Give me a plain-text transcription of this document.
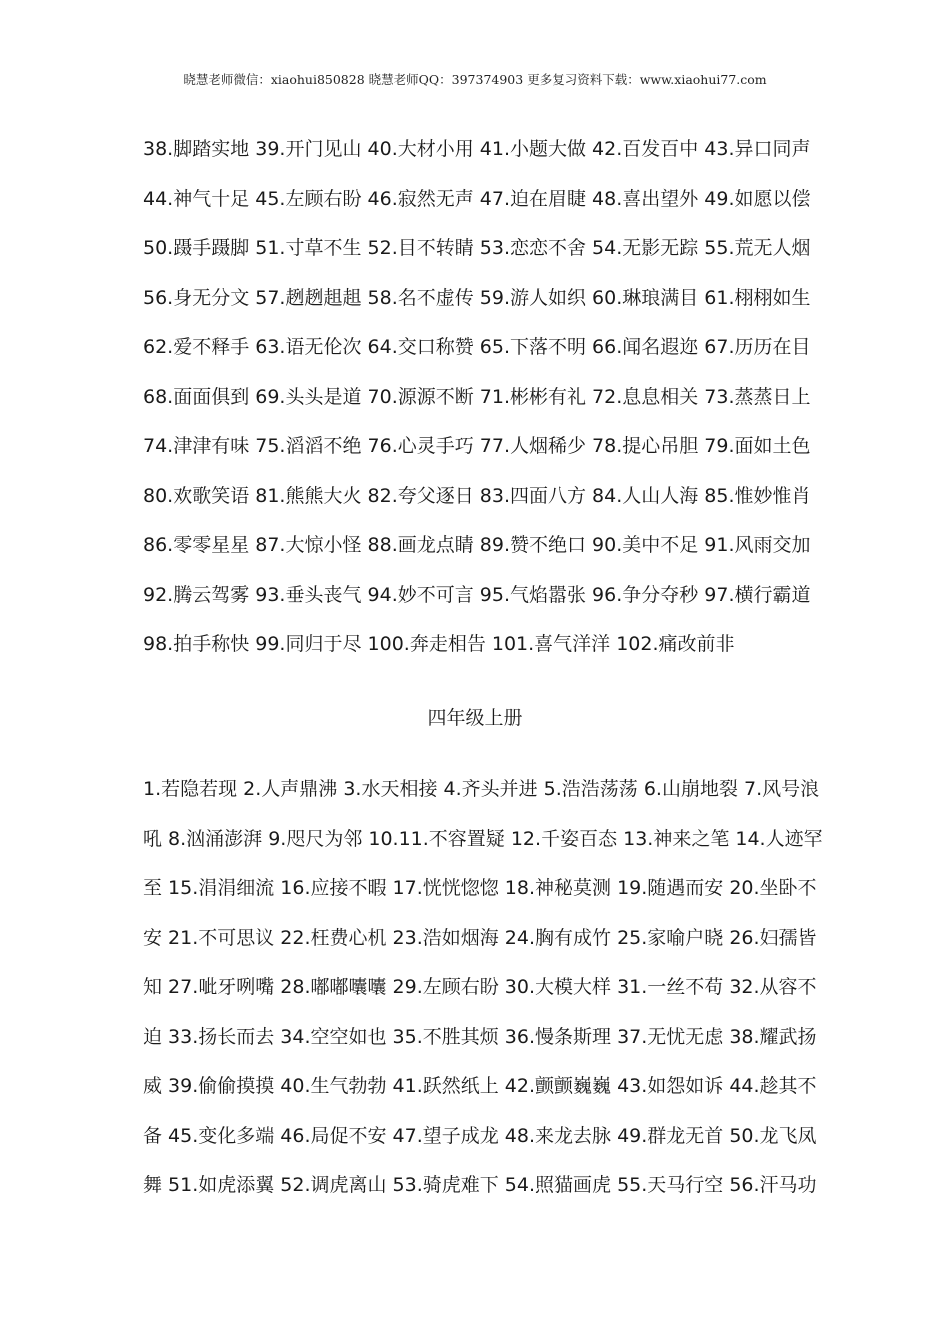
晓慧老师微信：xiaohui850828 晓慧老师QQ：397374903 更多复习资料下载：www.xiaohui77.com
38.脚踏实地 39.开门见山 40.大材小用 41.小题大做 42.百发百中 43.异口同声
44.神气十足 45.左顾右盼 46.寂然无声 47.迫在眉睫 48.喜出望外 49.如愿以偿
50.蹑手蹑脚 51.寸草不生 52.目不转睛 53.恋恋不舍 54.无影无踪 55.荒无人烟
56.身无分文 57.趔趔趄趄 58.名不虚传 59.游人如织 60.琳琅满目 61.栩栩如生
62.爱不释手 63.语无伦次 64.交口称赞 65.下落不明 66.闻名遐迩 67.历历在目
68.面面俱到 69.头头是道 70.源源不断 71.彬彬有礼 72.息息相关 73.蒸蒸日上
74.津津有味 75.滔滔不绝 76.心灵手巧 77.人烟稀少 78.提心吊胆 79.面如土色
80.欢歌笑语 81.熊熊大火 82.夸父逐日 83.四面八方 84.人山人海 85.惟妙惟肖
86.零零星星 87.大惊小怪 88.画龙点睛 89.赞不绝口 90.美中不足 91.风雨交加
92.腾云驾雾 93.垂头丧气 94.妙不可言 95.气焰嚣张 96.争分夺秒 97.横行霸道
98.拍手称快 99.同归于尽 100.奔走相告 101.喜气洋洋 102.痛改前非
四年级上册
1.若隐若现 2.人声鼎沸 3.水天相接 4.齐头并进 5.浩浩荡荡 6.山崩地裂 7.风号浪
吼 8.汹涌澎湃 9.咫尺为邻 10.11.不容置疑 12.千姿百态 13.神来之笔 14.人迹罕
至 15.涓涓细流 16.应接不暇 17.恍恍惚惚 18.神秘莫测 19.随遇而安 20.坐卧不
安 21.不可思议 22.枉费心机 23.浩如烟海 24.胸有成竹 25.家喻户晓 26.妇孺皆
知 27.呲牙咧嘴 28.嘟嘟囔囔 29.左顾右盼 30.大模大样 31.一丝不苟 32.从容不
迫 33.扬长而去 34.空空如也 35.不胜其烦 36.慢条斯理 37.无忧无虑 38.耀武扬
威 39.偷偷摸摸 40.生气勃勃 41.跃然纸上 42.颤颤巍巍 43.如怨如诉 44.趁其不
备 45.变化多端 46.局促不安 47.望子成龙 48.来龙去脉 49.群龙无首 50.龙飞凤
舞 51.如虎添翼 52.调虎离山 53.骑虎难下 54.照猫画虎 55.天马行空 56.汗马功
